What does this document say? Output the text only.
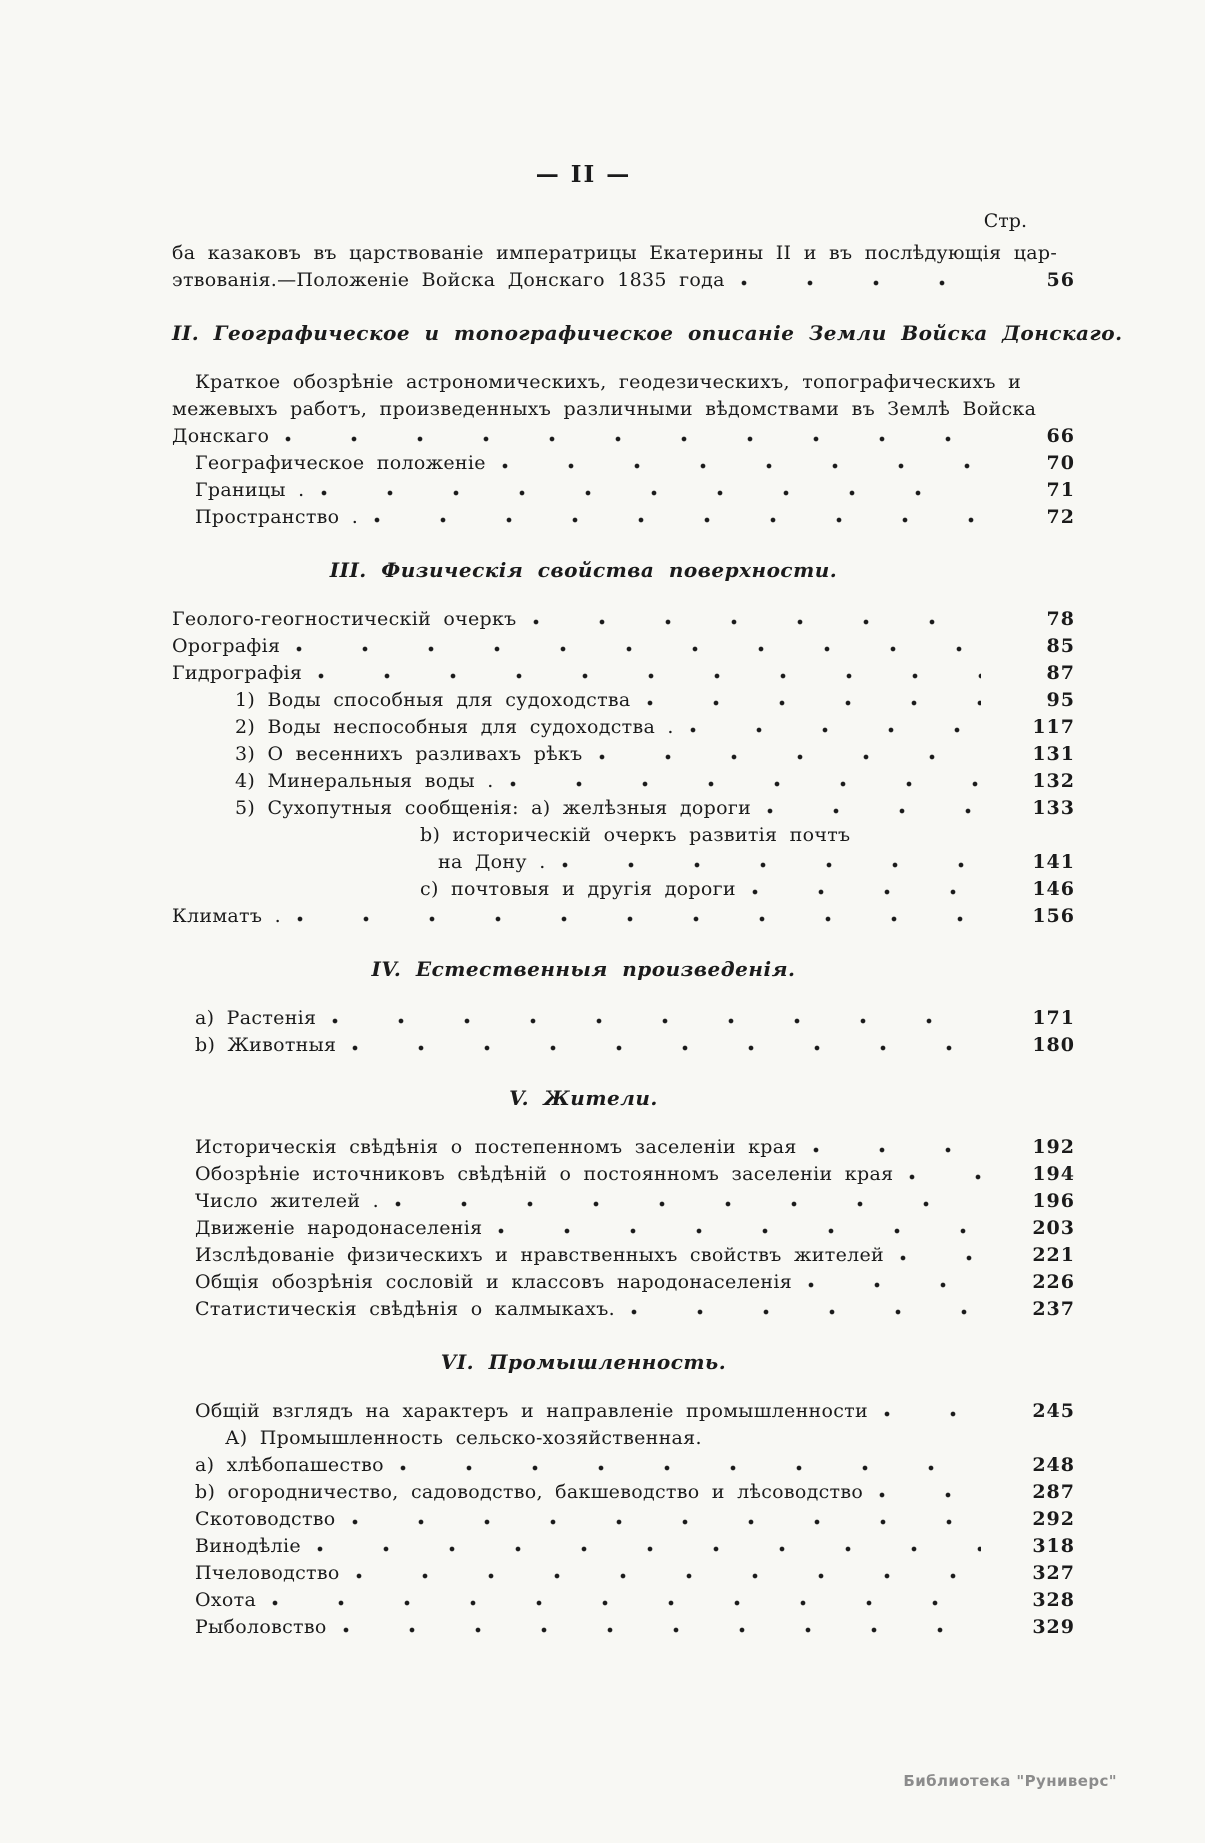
— II —
Стр.
ба казаковъ въ царствованіе императрицы Екатерины II и въ послѣдующія цар-
этвованія.—Положеніе Войска Донскаго 1835 года	56
II. Географическое и топографическое описаніе Земли Войска Донскаго.
Краткое обозрѣніе астрономическихъ, геодезическихъ, топографическихъ и
межевыхъ работъ, произведенныхъ различными вѣдомствами въ Землѣ Войска
Донскаго	66
Географическое положеніе	70
Границы .	71
Пространство .	72
III. Физическія свойства поверхности.
Геолого-геогностическій очеркъ	78
Орографія	85
Гидрографія	87
1) Воды способныя для судоходства	95
2) Воды неспособныя для судоходства .	117
3) О весеннихъ разливахъ рѣкъ	131
4) Минеральныя воды .	132
5) Сухопутныя сообщенія: а) желѣзныя дороги	133
b) историческій очеркъ развитія почтъ
на Дону .	141
с) почтовыя и другія дороги	146
Климатъ .	156
IV. Естественныя произведенія.
а) Растенія	171
b) Животныя	180
V. Жители.
Историческія свѣдѣнія о постепенномъ заселеніи края	192
Обозрѣніе источниковъ свѣдѣній о постоянномъ заселеніи края	194
Число жителей .	196
Движеніе народонаселенія	203
Изслѣдованіе физическихъ и нравственныхъ свойствъ жителей	221
Общія обозрѣнія сословій и классовъ народонаселенія	226
Статистическія свѣдѣнія о калмыкахъ.	237
VI. Промышленность.
Общій взглядъ на характеръ и направленіе промышленности	245
А) Промышленность сельско-хозяйственная.
а) хлѣбопашество	248
b) огородничество, садоводство, бакшеводство и лѣсоводство	287
Скотоводство	292
Винодѣліе	318
Пчеловодство	327
Охота	328
Рыболовство	329
Библиотека "Руниверс"
